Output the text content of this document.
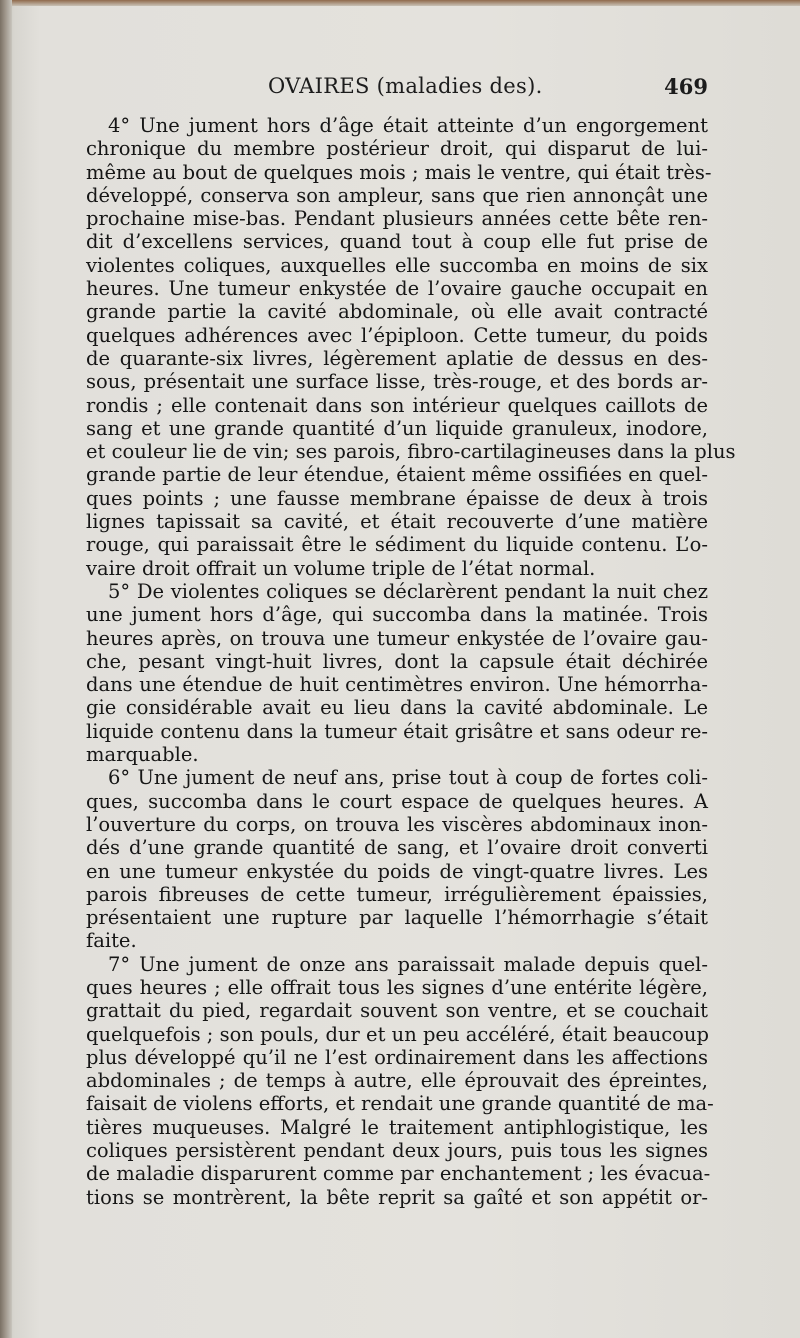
OVAIRES (maladies des).	469
4° Une jument hors d’âge était atteinte d’un engorgement
chronique du membre postérieur droit, qui disparut de lui-
même au bout de quelques mois ; mais le ventre, qui était très-
développé, conserva son ampleur, sans que rien annonçât une
prochaine mise-bas. Pendant plusieurs années cette bête ren-
dit d’excellens services, quand tout à coup elle fut prise de
violentes coliques, auxquelles elle succomba en moins de six
heures. Une tumeur enkystée de l’ovaire gauche occupait en
grande partie la cavité abdominale, où elle avait contracté
quelques adhérences avec l’épiploon. Cette tumeur, du poids
de quarante-six livres, légèrement aplatie de dessus en des-
sous, présentait une surface lisse, très-rouge, et des bords ar-
rondis ; elle contenait dans son intérieur quelques caillots de
sang et une grande quantité d’un liquide granuleux, inodore,
et couleur lie de vin; ses parois, fibro-cartilagineuses dans la plus
grande partie de leur étendue, étaient même ossifiées en quel-
ques points ; une fausse membrane épaisse de deux à trois
lignes tapissait sa cavité, et était recouverte d’une matière
rouge, qui paraissait être le sédiment du liquide contenu. L’o-
vaire droit offrait un volume triple de l’état normal.
5° De violentes coliques se déclarèrent pendant la nuit chez
une jument hors d’âge, qui succomba dans la matinée. Trois
heures après, on trouva une tumeur enkystée de l’ovaire gau-
che, pesant vingt-huit livres, dont la capsule était déchirée
dans une étendue de huit centimètres environ. Une hémorrha-
gie considérable avait eu lieu dans la cavité abdominale. Le
liquide contenu dans la tumeur était grisâtre et sans odeur re-
marquable.
6° Une jument de neuf ans, prise tout à coup de fortes coli-
ques, succomba dans le court espace de quelques heures. A
l’ouverture du corps, on trouva les viscères abdominaux inon-
dés d’une grande quantité de sang, et l’ovaire droit converti
en une tumeur enkystée du poids de vingt-quatre livres. Les
parois fibreuses de cette tumeur, irrégulièrement épaissies,
présentaient une rupture par laquelle l’hémorrhagie s’était
faite.
7° Une jument de onze ans paraissait malade depuis quel-
ques heures ; elle offrait tous les signes d’une entérite légère,
grattait du pied, regardait souvent son ventre, et se couchait
quelquefois ; son pouls, dur et un peu accéléré, était beaucoup
plus développé qu’il ne l’est ordinairement dans les affections
abdominales ; de temps à autre, elle éprouvait des épreintes,
faisait de violens efforts, et rendait une grande quantité de ma-
tières muqueuses. Malgré le traitement antiphlogistique, les
coliques persistèrent pendant deux jours, puis tous les signes
de maladie disparurent comme par enchantement ; les évacua-
tions se montrèrent, la bête reprit sa gaîté et son appétit or-
